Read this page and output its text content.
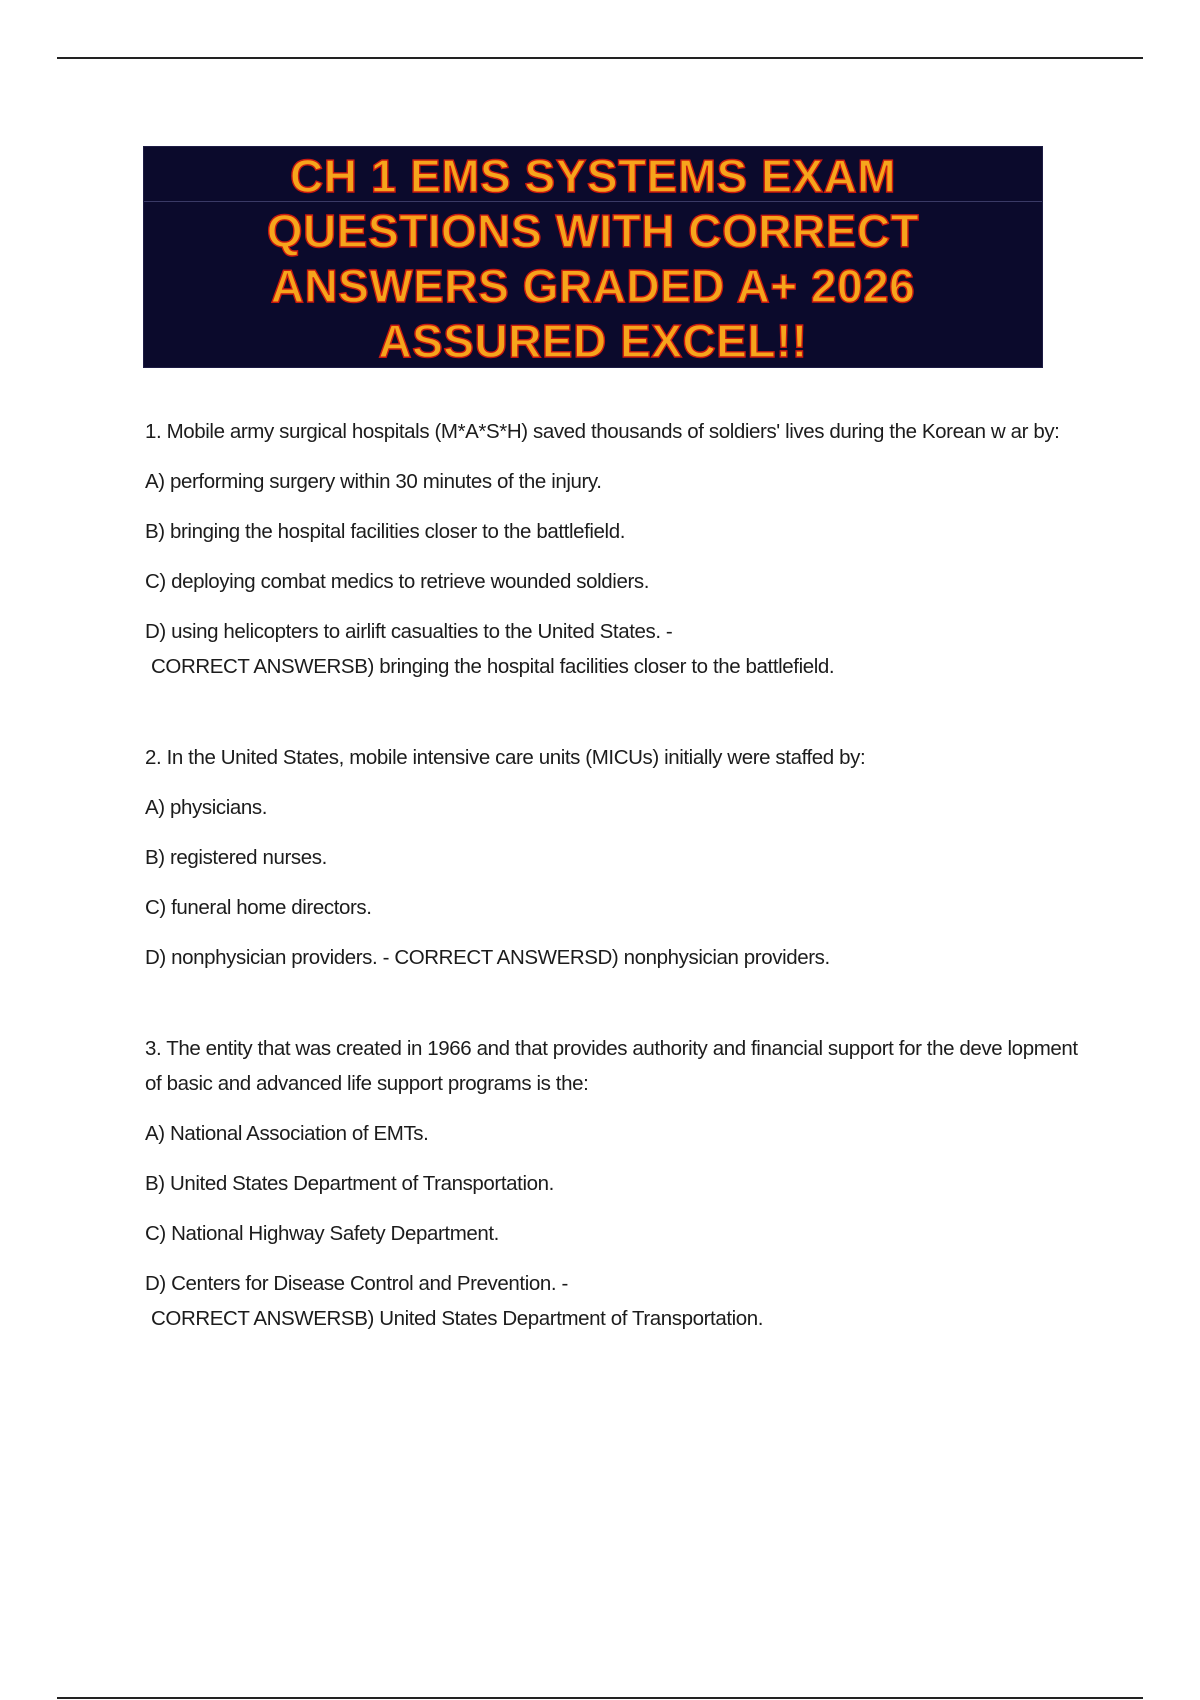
CH 1 EMS SYSTEMS EXAM
QUESTIONS WITH CORRECT
ANSWERS GRADED A+ 2026
ASSURED EXCEL!!
1. Mobile army surgical hospitals (M*A*S*H) saved thousands of soldiers' lives during the Korean w ar by:
A) performing surgery within 30 minutes of the injury.
B) bringing the hospital facilities closer to the battlefield.
C) deploying combat medics to retrieve wounded soldiers.
D) using helicopters to airlift casualties to the United States. -
CORRECT ANSWERSB) bringing the hospital facilities closer to the battlefield.
2. In the United States, mobile intensive care units (MICUs) initially were staffed by:
A) physicians.
B) registered nurses.
C) funeral home directors.
D) nonphysician providers. - CORRECT ANSWERSD) nonphysician providers.
3. The entity that was created in 1966 and that provides authority and financial support for the deve lopment of basic and advanced life support programs is the:
A) National Association of EMTs.
B) United States Department of Transportation.
C) National Highway Safety Department.
D) Centers for Disease Control and Prevention. -
CORRECT ANSWERSB) United States Department of Transportation.
